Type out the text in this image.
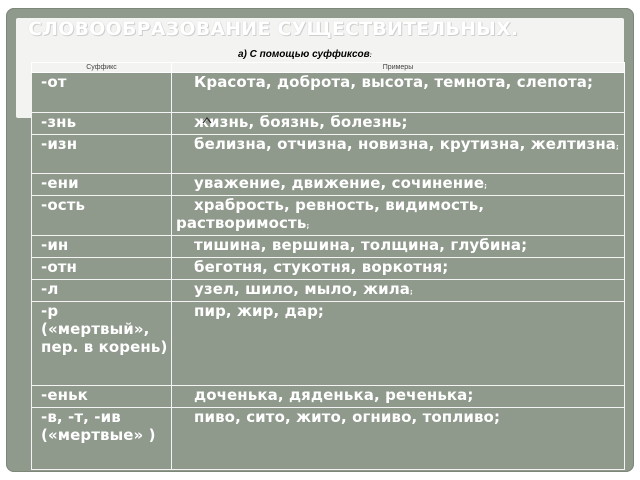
СЛОВООБРАЗОВАНИЕ СУЩЕСТВИТЕЛЬНЫХ.

а) С помощью суффиксов:

Суффикс	Примеры
-от	Красота, доброта, высота, темнота, слепота;
-знь	жизнь, боязнь, болезнь;
-изн	белизна, отчизна, новизна, крутизна, желтизна;
-ени	уважение, движение, сочинение;
-ость	храбрость, ревность, видимость, растворимость;
-ин	тишина, вершина, толщина, глубина;
-отн	беготня, стукотня, воркотня;
-л	узел, шило, мыло, жила;
-р («мертвый», пер. в корень)	пир, жир, дар;
-еньк	доченька, дяденька, реченька;
-в, -т, -ив («мертвые» )	пиво, сито, жито, огниво, топливо;
